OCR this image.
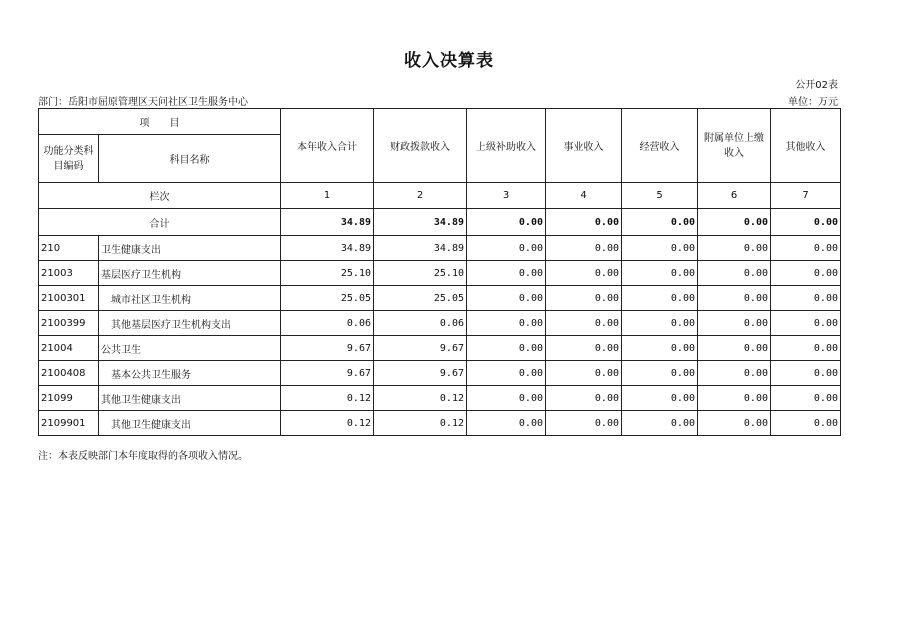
收入决算表
公开02表
部门：岳阳市屈原管理区天问社区卫生服务中心	单位：万元
项　　目		本年收入合计	财政拨款收入	上级补助收入	事业收入	经营收入	附属单位上缴收入	其他收入
功能分类科目编码	科目名称							
栏次		1	2	3	4	5	6	7
合计		34.89	34.89	0.00	0.00	0.00	0.00	0.00
210	卫生健康支出	34.89	34.89	0.00	0.00	0.00	0.00	0.00
21003	基层医疗卫生机构	25.10	25.10	0.00	0.00	0.00	0.00	0.00
2100301	城市社区卫生机构	25.05	25.05	0.00	0.00	0.00	0.00	0.00
2100399	其他基层医疗卫生机构支出	0.06	0.06	0.00	0.00	0.00	0.00	0.00
21004	公共卫生	9.67	9.67	0.00	0.00	0.00	0.00	0.00
2100408	基本公共卫生服务	9.67	9.67	0.00	0.00	0.00	0.00	0.00
21099	其他卫生健康支出	0.12	0.12	0.00	0.00	0.00	0.00	0.00
2109901	其他卫生健康支出	0.12	0.12	0.00	0.00	0.00	0.00	0.00
注：本表反映部门本年度取得的各项收入情况。
